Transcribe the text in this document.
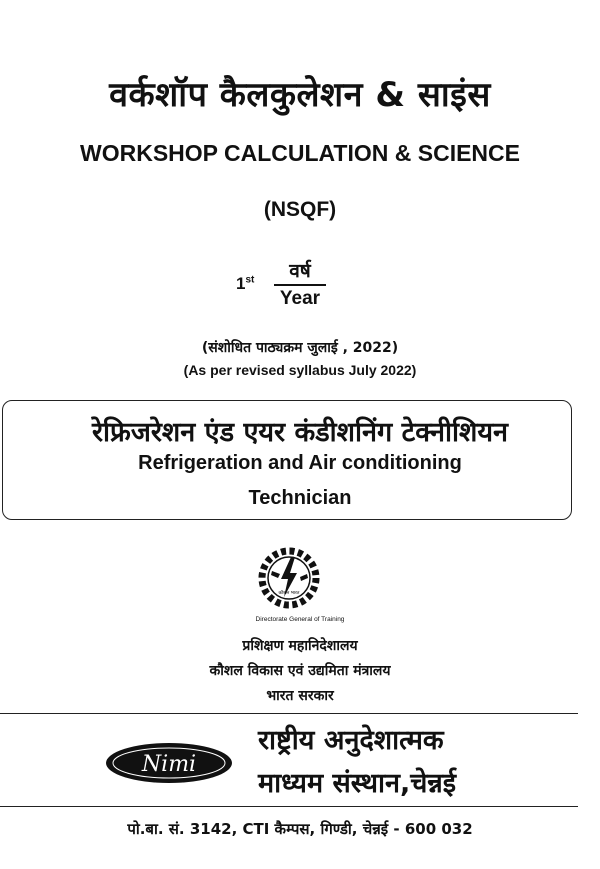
वर्कशॉप कैलकुलेशन & साइंस
WORKSHOP CALCULATION & SCIENCE
(NSQF)
1st	वर्ष
Year
(संशोधित पाठ्यक्रम जुलाई , 2022)
(As per revised syllabus July 2022)
रेफ्रिजरेशन एंड एयर कंडीशनिंग टेक्नीशियन
Refrigeration and Air conditioning
Technician
कौशल भारत
Directorate General of Training
प्रशिक्षण महानिदेशालय
कौशल विकास एवं उद्यमिता मंत्रालय
भारत सरकार
Nimi
राष्ट्रीय अनुदेशात्मक
माध्यम संस्थान,चेन्नई
पो.बा. सं. 3142, CTI कैम्पस, गिण्डी, चेन्नई - 600 032
